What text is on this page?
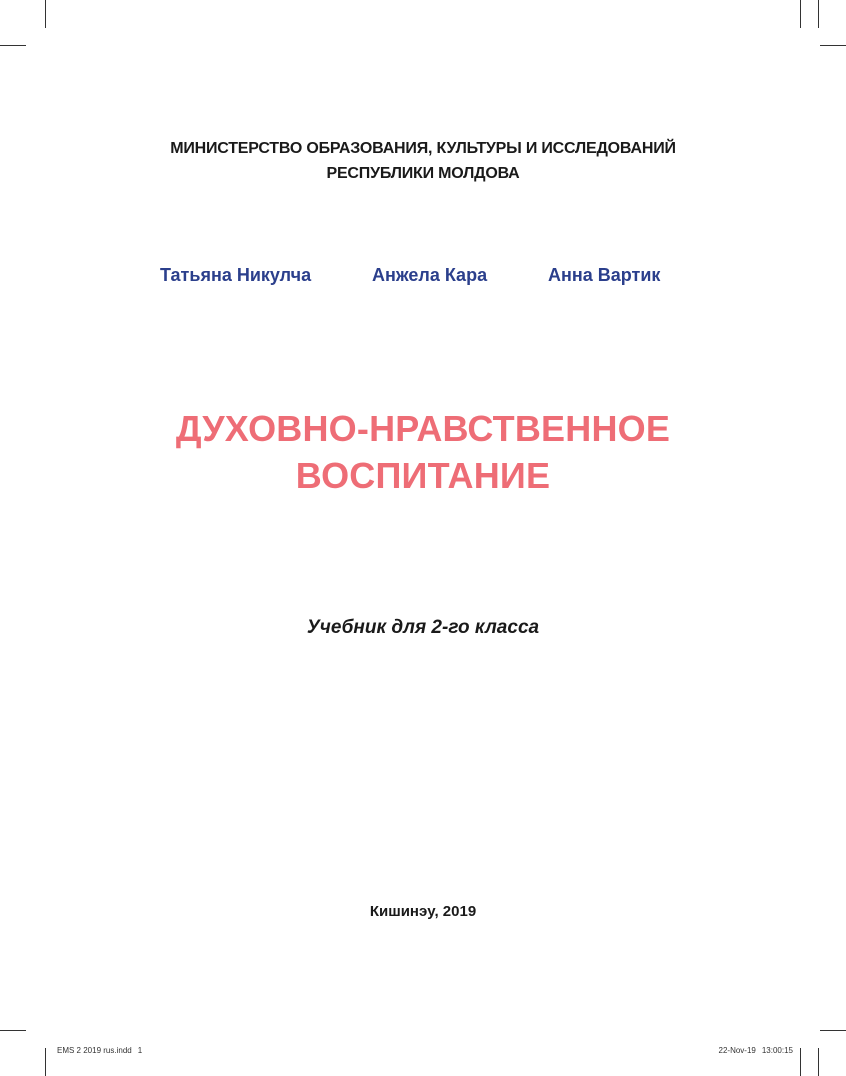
МИНИСТЕРСТВО ОБРАЗОВАНИЯ, КУЛЬТУРЫ И ИССЛЕДОВАНИЙ
РЕСПУБЛИКИ МОЛДОВА
Татьяна Никулча	Анжела Кара	Анна Вартик
ДУХОВНО-НРАВСТВЕННОЕ
ВОСПИТАНИЕ
Учебник для 2-го класса
Кишинэу, 2019
EMS 2 2019 rus.indd 1	22-Nov-19 13:00:15
